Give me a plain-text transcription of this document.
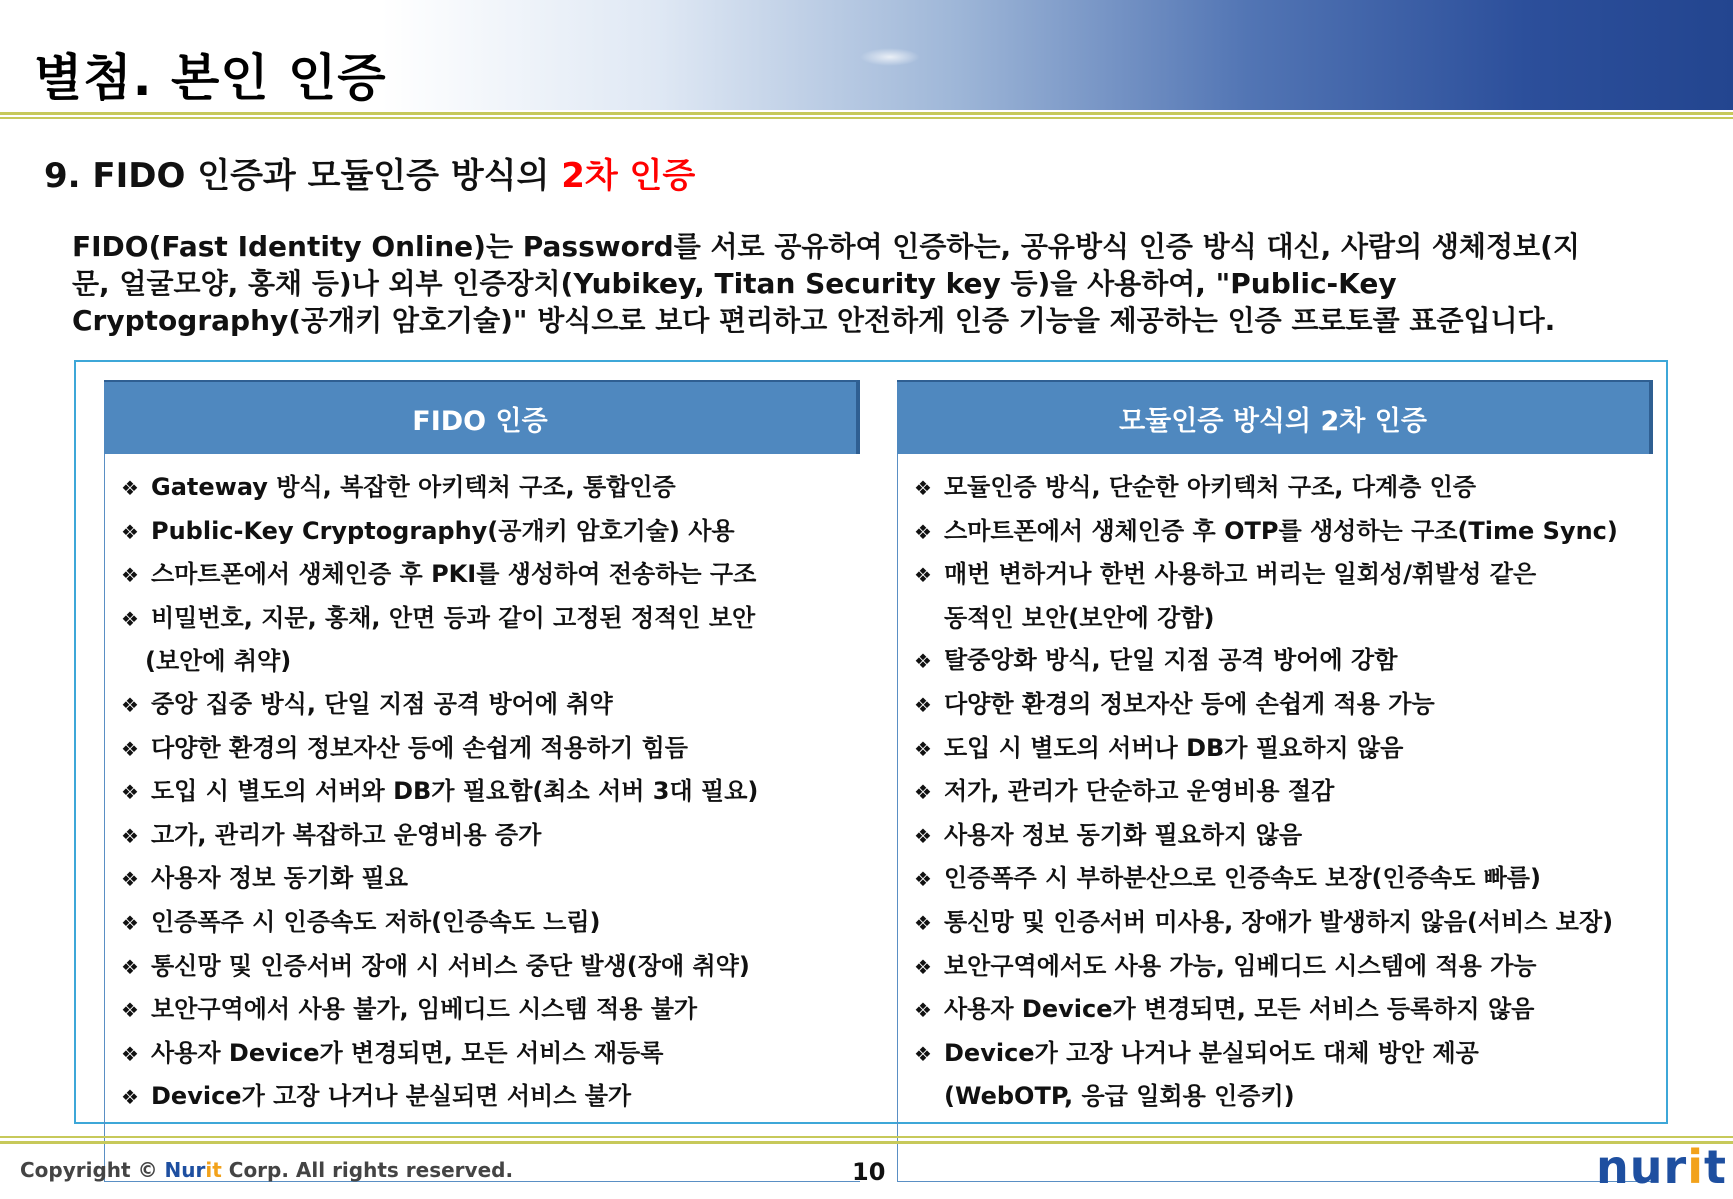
별첨. 본인 인증
9. FIDO 인증과 모듈인증 방식의 2차 인증

FIDO(Fast Identity Online)는 Password를 서로 공유하여 인증하는, 공유방식 인증 방식 대신, 사람의 생체정보(지
문, 얼굴모양, 홍채 등)나 외부 인증장치(Yubikey, Titan Security key 등)을 사용하여, "Public-Key
Cryptography(공개키 암호기술)" 방식으로 보다 편리하고 안전하게 인증 기능을 제공하는 인증 프로토콜 표준입니다.

FIDO 인증
❖ Gateway 방식, 복잡한 아키텍처 구조, 통합인증
❖ Public-Key Cryptography(공개키 암호기술) 사용
❖ 스마트폰에서 생체인증 후 PKI를 생성하여 전송하는 구조
❖ 비밀번호, 지문, 홍채, 안면 등과 같이 고정된 정적인 보안
(보안에 취약)
❖ 중앙 집중 방식, 단일 지점 공격 방어에 취약
❖ 다양한 환경의 정보자산 등에 손쉽게 적용하기 힘듬
❖ 도입 시 별도의 서버와 DB가 필요함(최소 서버 3대 필요)
❖ 고가, 관리가 복잡하고 운영비용 증가
❖ 사용자 정보 동기화 필요
❖ 인증폭주 시 인증속도 저하(인증속도 느림)
❖ 통신망 및 인증서버 장애 시 서비스 중단 발생(장애 취약)
❖ 보안구역에서 사용 불가, 임베디드 시스템 적용 불가
❖ 사용자 Device가 변경되면, 모든 서비스 재등록
❖ Device가 고장 나거나 분실되면 서비스 불가
모듈인증 방식의 2차 인증
❖ 모듈인증 방식, 단순한 아키텍처 구조, 다계층 인증
❖ 스마트폰에서 생체인증 후 OTP를 생성하는 구조(Time Sync)
❖ 매번 변하거나 한번 사용하고 버리는 일회성/휘발성 같은
동적인 보안(보안에 강함)
❖ 탈중앙화 방식, 단일 지점 공격 방어에 강함
❖ 다양한 환경의 정보자산 등에 손쉽게 적용 가능
❖ 도입 시 별도의 서버나 DB가 필요하지 않음
❖ 저가, 관리가 단순하고 운영비용 절감
❖ 사용자 정보 동기화 필요하지 않음
❖ 인증폭주 시 부하분산으로 인증속도 보장(인증속도 빠름)
❖ 통신망 및 인증서버 미사용, 장애가 발생하지 않음(서비스 보장)
❖ 보안구역에서도 사용 가능, 임베디드 시스템에 적용 가능
❖ 사용자 Device가 변경되면, 모든 서비스 등록하지 않음
❖ Device가 고장 나거나 분실되어도 대체 방안 제공
(WebOTP, 응급 일회용 인증키)
Copyright © Nurit Corp. All rights reserved.	10	nurit
